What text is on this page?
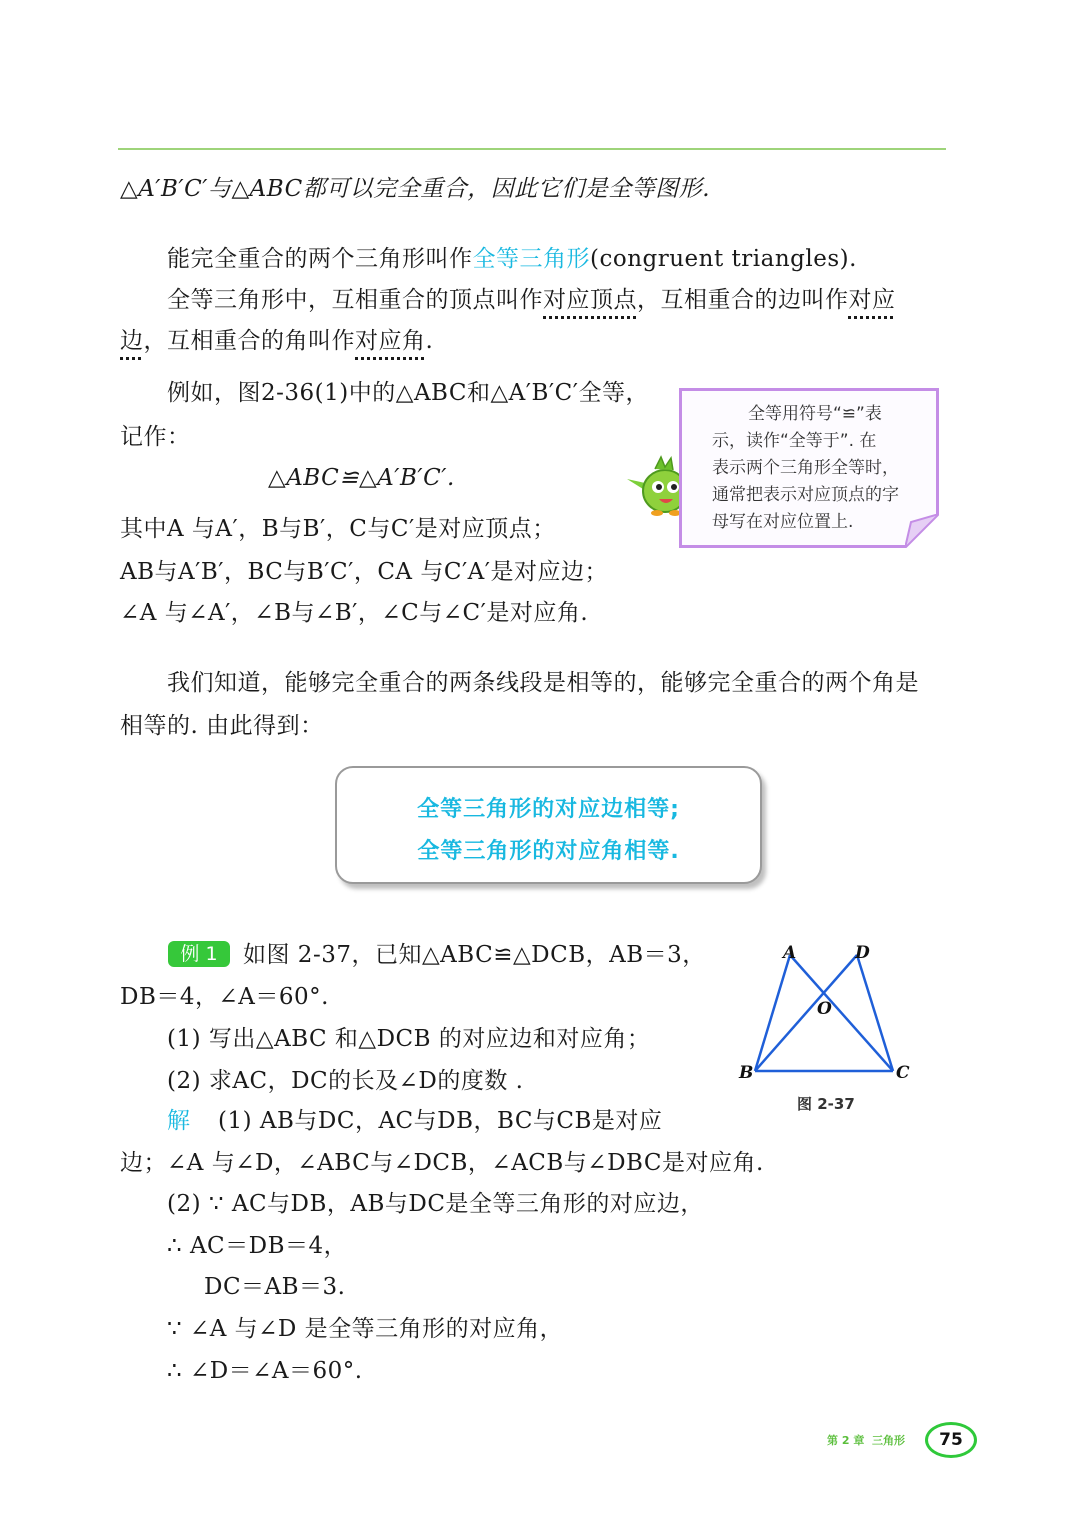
△A′B′C′与△ABC都可以完全重合，因此它们是全等图形.
能完全重合的两个三角形叫作全等三角形(congruent triangles).
全等三角形中，互相重合的顶点叫作对应顶点，互相重合的边叫作对应
边，互相重合的角叫作对应角.
例如，图2-36(1)中的△ABC和△A′B′C′全等，
记作：
△ABC≌△A′B′C′.
其中A 与A′，B与B′，C与C′是对应顶点；
AB与A′B′，BC与B′C′，CA 与C′A′是对应边；
∠A 与∠A′，∠B与∠B′，∠C与∠C′是对应角.
全等用符号“≌”表
示，读作“全等于”. 在
表示两个三角形全等时，
通常把表示对应顶点的字
母写在对应位置上.
我们知道，能够完全重合的两条线段是相等的，能够完全重合的两个角是
相等的. 由此得到：
全等三角形的对应边相等;
全等三角形的对应角相等.
例 1	如图 2-37，已知△ABC≌△DCB，AB＝3，
DB＝4，∠A＝60°.
(1) 写出△ABC 和△DCB 的对应边和对应角；
(2) 求AC，DC的长及∠D的度数 .
A	D
O
B	C
图 2-37
解 (1) AB与DC，AC与DB，BC与CB是对应
边；∠A 与∠D，∠ABC与∠DCB，∠ACB与∠DBC是对应角.
(2) ∵ AC与DB，AB与DC是全等三角形的对应边，
∴ AC＝DB＝4，
DC＝AB＝3.
∵ ∠A 与∠D 是全等三角形的对应角，
∴ ∠D＝∠A＝60°.
第 2 章 三角形	75
